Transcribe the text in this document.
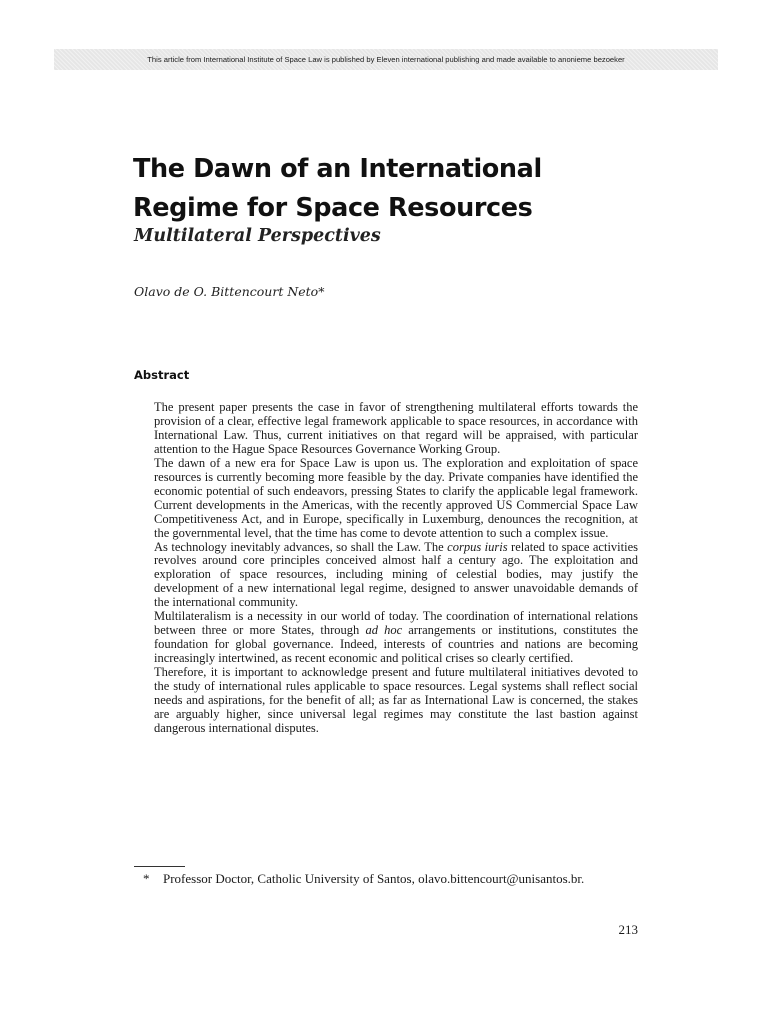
This article from International Institute of Space Law is published by Eleven international publishing and made available to anonieme bezoeker
The Dawn of an International Regime for Space Resources
Multilateral Perspectives

Olavo de O. Bittencourt Neto*

Abstract

The present paper presents the case in favor of strengthening multilateral efforts towards the provision of a clear, effective legal framework applicable to space resources, in accordance with International Law. Thus, current initiatives on that regard will be appraised, with particular attention to the Hague Space Resources Governance Working Group.

The dawn of a new era for Space Law is upon us. The exploration and exploitation of space resources is currently becoming more feasible by the day. Private companies have identified the economic potential of such endeavors, pressing States to clarify the applicable legal framework. Current developments in the Americas, with the recently approved US Commercial Space Law Competitiveness Act, and in Europe, specifically in Luxemburg, denounces the recognition, at the governmental level, that the time has come to devote attention to such a complex issue.

As technology inevitably advances, so shall the Law. The corpus iuris related to space activities revolves around core principles conceived almost half a century ago. The exploitation and exploration of space resources, including mining of celestial bodies, may justify the development of a new international legal regime, designed to answer unavoidable demands of the international community.

Multilateralism is a necessity in our world of today. The coordination of international relations between three or more States, through ad hoc arrangements or institutions, constitutes the foundation for global governance. Indeed, interests of countries and nations are becoming increasingly intertwined, as recent economic and political crises so clearly certified.

Therefore, it is important to acknowledge present and future multilateral initiatives devoted to the study of international rules applicable to space resources. Legal systems shall reflect social needs and aspirations, for the benefit of all; as far as International Law is concerned, the stakes are arguably higher, since universal legal regimes may constitute the last bastion against dangerous international disputes.

* Professor Doctor, Catholic University of Santos, olavo.bittencourt@unisantos.br.
213
